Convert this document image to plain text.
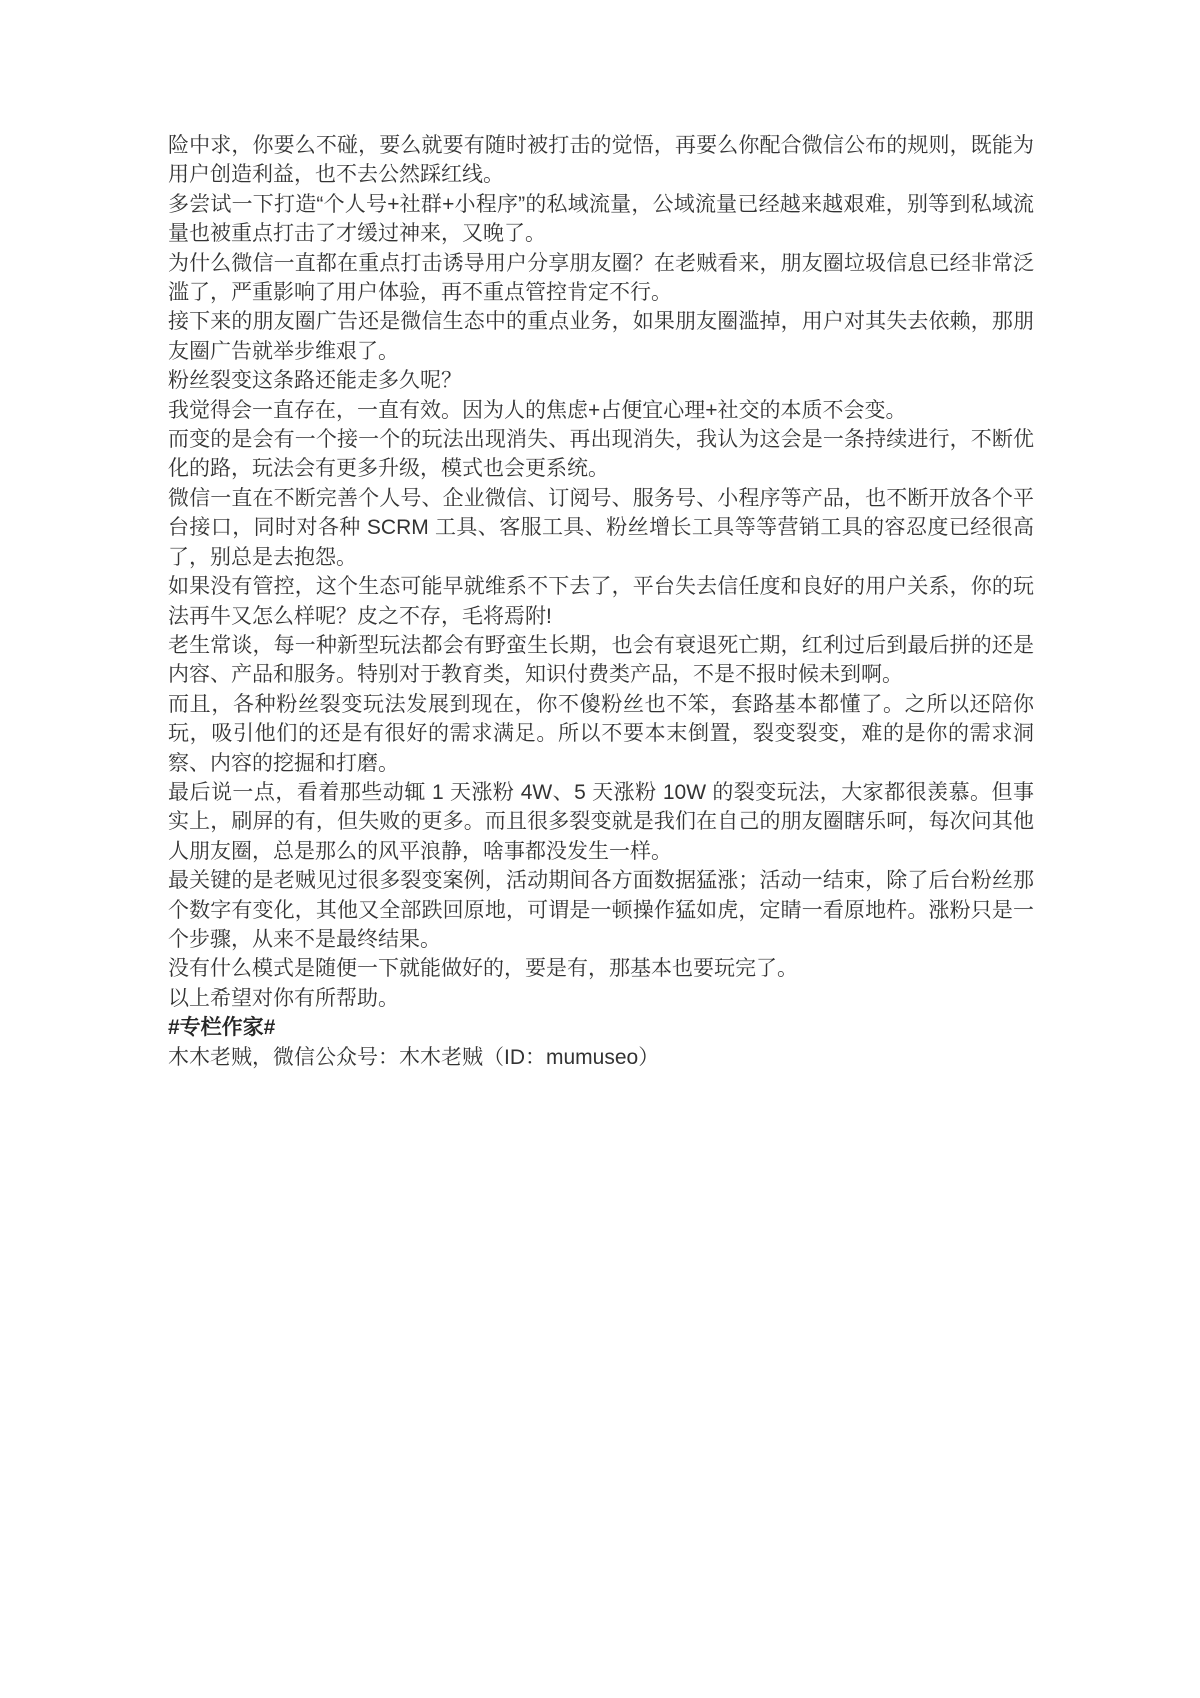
险中求，你要么不碰，要么就要有随时被打击的觉悟，再要么你配合微信公布的规则，既能为用户创造利益，也不去公然踩红线。

多尝试一下打造“个人号+社群+小程序”的私域流量，公域流量已经越来越艰难，别等到私域流量也被重点打击了才缓过神来，又晚了。

为什么微信一直都在重点打击诱导用户分享朋友圈？在老贼看来，朋友圈垃圾信息已经非常泛滥了，严重影响了用户体验，再不重点管控肯定不行。

接下来的朋友圈广告还是微信生态中的重点业务，如果朋友圈滥掉，用户对其失去依赖，那朋友圈广告就举步维艰了。

粉丝裂变这条路还能走多久呢？

我觉得会一直存在，一直有效。因为人的焦虑+占便宜心理+社交的本质不会变。

而变的是会有一个接一个的玩法出现消失、再出现消失，我认为这会是一条持续进行，不断优化的路，玩法会有更多升级，模式也会更系统。

微信一直在不断完善个人号、企业微信、订阅号、服务号、小程序等产品，也不断开放各个平台接口，同时对各种 SCRM 工具、客服工具、粉丝增长工具等等营销工具的容忍度已经很高了，别总是去抱怨。

如果没有管控，这个生态可能早就维系不下去了，平台失去信任度和良好的用户关系，你的玩法再牛又怎么样呢？皮之不存，毛将焉附!

老生常谈，每一种新型玩法都会有野蛮生长期，也会有衰退死亡期，红利过后到最后拼的还是内容、产品和服务。特别对于教育类，知识付费类产品，不是不报时候未到啊。

而且，各种粉丝裂变玩法发展到现在，你不傻粉丝也不笨，套路基本都懂了。之所以还陪你玩，吸引他们的还是有很好的需求满足。所以不要本末倒置，裂变裂变，难的是你的需求洞察、内容的挖掘和打磨。

最后说一点，看着那些动辄 1 天涨粉 4W、5 天涨粉 10W 的裂变玩法，大家都很羡慕。但事实上，刷屏的有，但失败的更多。而且很多裂变就是我们在自己的朋友圈瞎乐呵，每次问其他人朋友圈，总是那么的风平浪静，啥事都没发生一样。

最关键的是老贼见过很多裂变案例，活动期间各方面数据猛涨；活动一结束，除了后台粉丝那个数字有变化，其他又全部跌回原地，可谓是一顿操作猛如虎，定睛一看原地杵。涨粉只是一个步骤，从来不是最终结果。

没有什么模式是随便一下就能做好的，要是有，那基本也要玩完了。

以上希望对你有所帮助。

#专栏作家#

木木老贼，微信公众号：木木老贼（ID：mumuseo）
